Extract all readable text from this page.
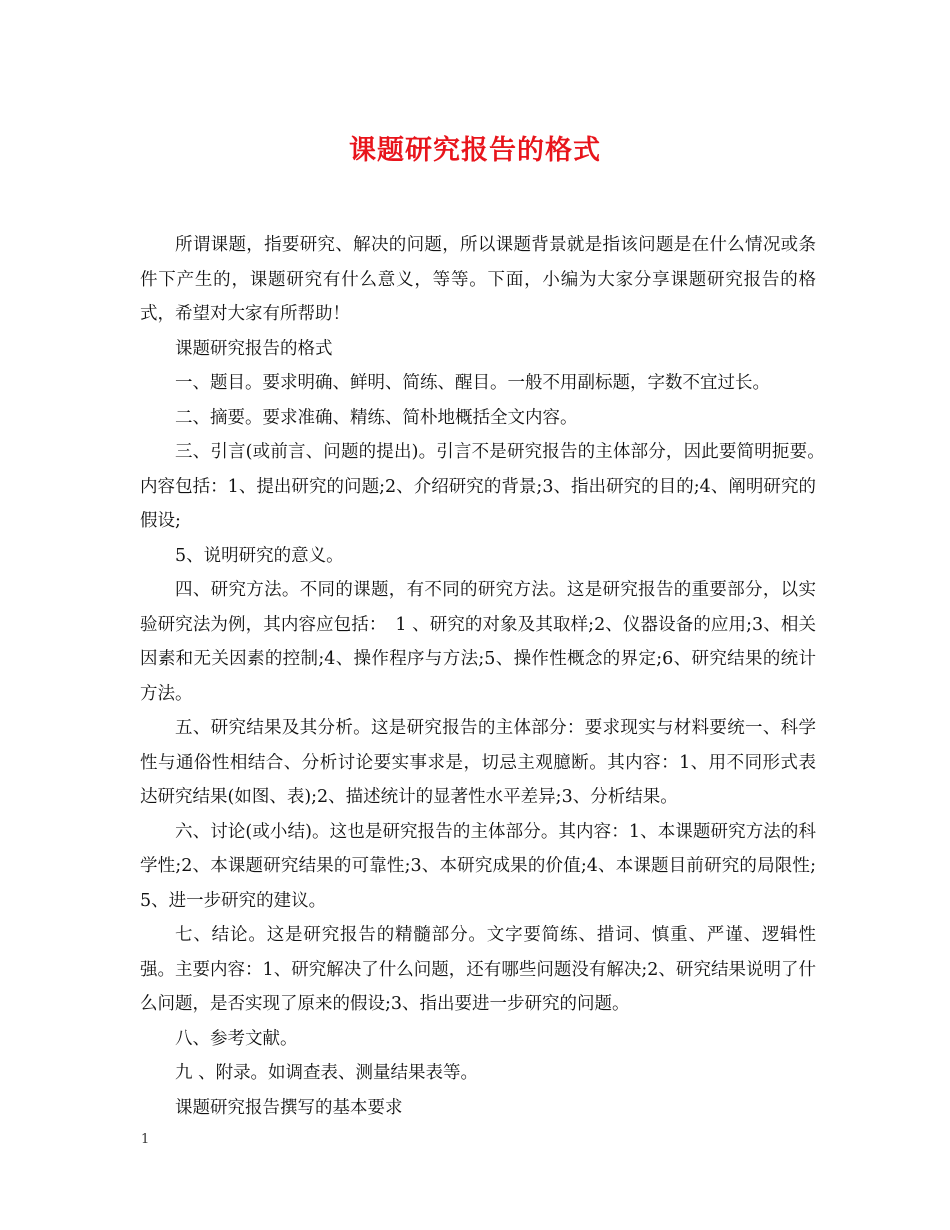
课题研究报告的格式

所谓课题，指要研究、解决的问题，所以课题背景就是指该问题是在什么情况或条件下产生的，课题研究有什么意义，等等。下面，小编为大家分享课题研究报告的格式，希望对大家有所帮助！

课题研究报告的格式

一、题目。要求明确、鲜明、简练、醒目。一般不用副标题，字数不宜过长。

二、摘要。要求准确、精练、简朴地概括全文内容。

三、引言(或前言、问题的提出)。引言不是研究报告的主体部分，因此要简明扼要。　内容包括：1、提出研究的问题;2、介绍研究的背景;3、指出研究的目的;4、阐明研究的假设;

5、说明研究的意义。

四、研究方法。不同的课题，有不同的研究方法。这是研究报告的重要部分，以实验研究法为例，其内容应包括：　1 、研究的对象及其取样;2、仪器设备的应用;3、相关因素和无关因素的控制;4、操作程序与方法;5、操作性概念的界定;6、研究结果的统计方法。

五、研究结果及其分析。这是研究报告的主体部分：要求现实与材料要统一、科学性与通俗性相结合、分析讨论要实事求是，切忌主观臆断。其内容：1、用不同形式表达研究结果(如图、表);2、描述统计的显著性水平差异;3、分析结果。

六、讨论(或小结)。这也是研究报告的主体部分。其内容：1、本课题研究方法的科学性;2、本课题研究结果的可靠性;3、本研究成果的价值;4、本课题目前研究的局限性;5、进一步研究的建议。

七、结论。这是研究报告的精髓部分。文字要简练、措词、慎重、严谨、逻辑性强。主要内容：1、研究解决了什么问题，还有哪些问题没有解决;2、研究结果说明了什么问题，是否实现了原来的假设;3、指出要进一步研究的问题。

八、参考文献。

九 、附录。如调查表、测量结果表等。

课题研究报告撰写的基本要求

1
